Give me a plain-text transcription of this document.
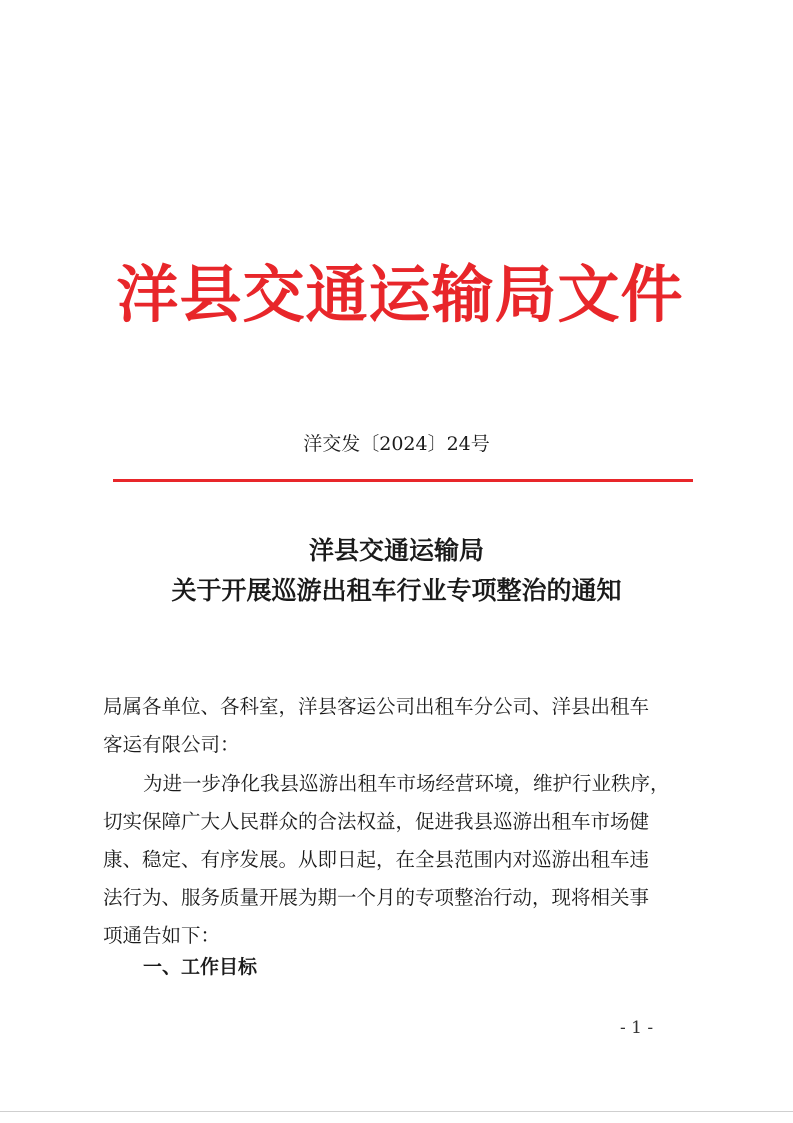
洋县交通运输局文件
洋交发〔2024〕24号
洋县交通运输局
关于开展巡游出租车行业专项整治的通知
局属各单位、各科室，洋县客运公司出租车分公司、洋县出租车
客运有限公司：
为进一步净化我县巡游出租车市场经营环境，维护行业秩序，
切实保障广大人民群众的合法权益，促进我县巡游出租车市场健
康、稳定、有序发展。从即日起，在全县范围内对巡游出租车违
法行为、服务质量开展为期一个月的专项整治行动，现将相关事
项通告如下：
一、工作目标
- 1 -
